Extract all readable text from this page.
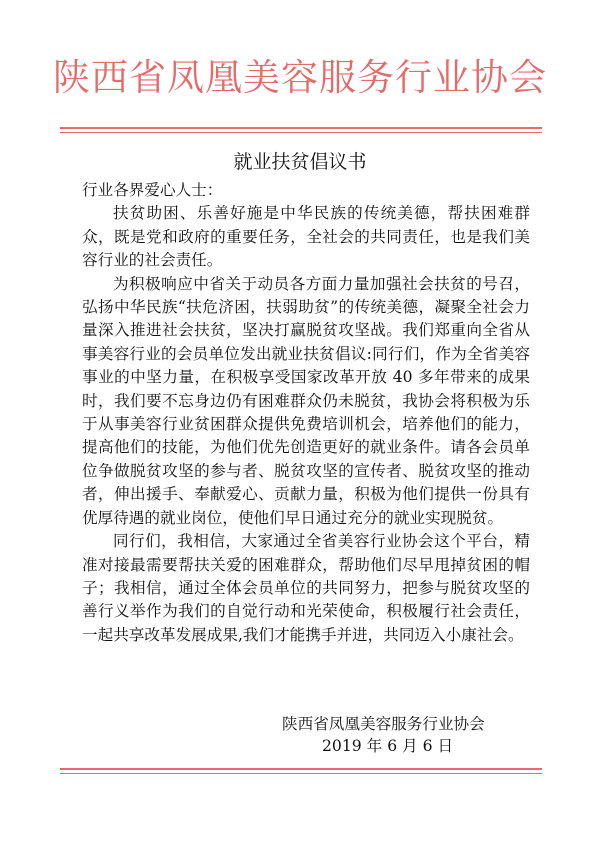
陕西省凤凰美容服务行业协会
就业扶贫倡议书

行业各界爱心人士：

扶贫助困、乐善好施是中华民族的传统美德，帮扶困难群众，既是党和政府的重要任务，全社会的共同责任，也是我们美容行业的社会责任。

为积极响应中省关于动员各方面力量加强社会扶贫的号召，弘扬中华民族“扶危济困，扶弱助贫”的传统美德，凝聚全社会力量深入推进社会扶贫，坚决打赢脱贫攻坚战。我们郑重向全省从事美容行业的会员单位发出就业扶贫倡议:同行们，作为全省美容事业的中坚力量，在积极享受国家改革开放 40 多年带来的成果时，我们要不忘身边仍有困难群众仍未脱贫，我协会将积极为乐于从事美容行业贫困群众提供免费培训机会，培养他们的能力，提高他们的技能，为他们优先创造更好的就业条件。请各会员单位争做脱贫攻坚的参与者、脱贫攻坚的宣传者、脱贫攻坚的推动者，伸出援手、奉献爱心、贡献力量，积极为他们提供一份具有优厚待遇的就业岗位，使他们早日通过充分的就业实现脱贫。

同行们，我相信，大家通过全省美容行业协会这个平台，精准对接最需要帮扶关爱的困难群众，帮助他们尽早甩掉贫困的帽子；我相信，通过全体会员单位的共同努力，把参与脱贫攻坚的善行义举作为我们的自觉行动和光荣使命，积极履行社会责任，一起共享改革发展成果,我们才能携手并进，共同迈入小康社会。

陕西省凤凰美容服务行业协会
2019 年 6 月 6 日
